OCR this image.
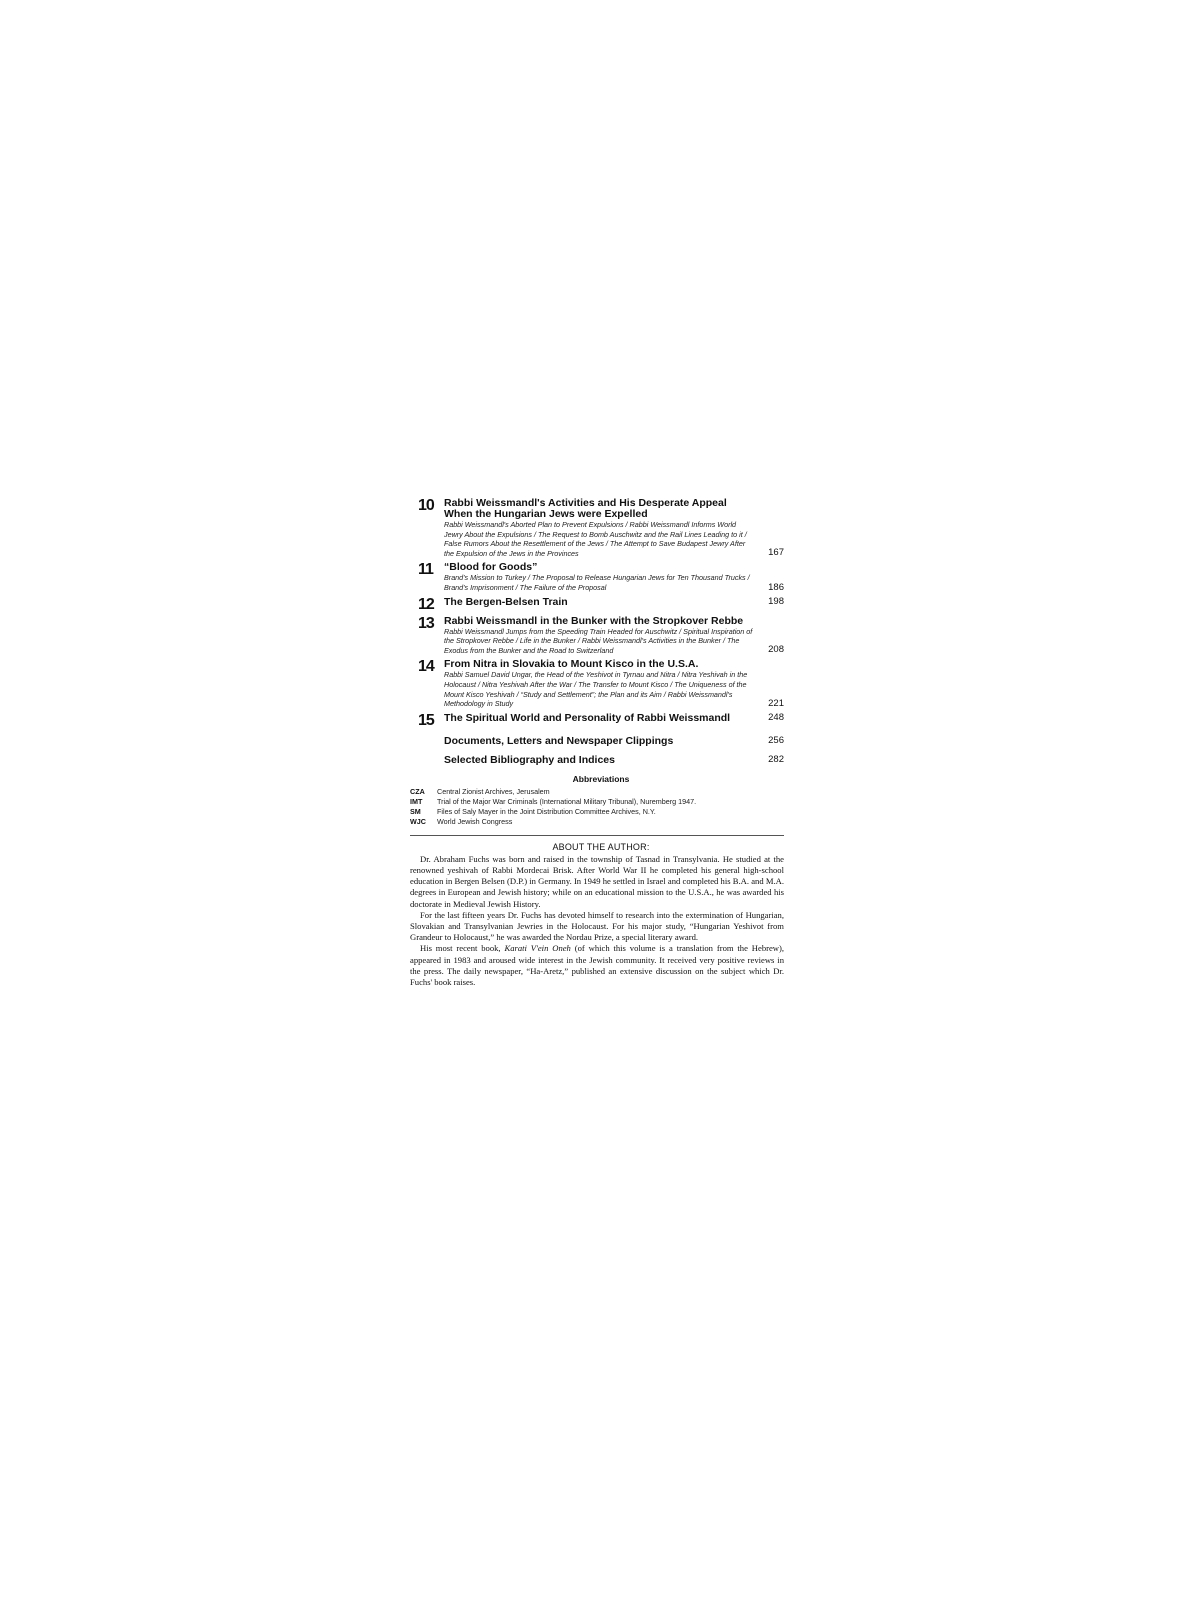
10 Rabbi Weissmandl's Activities and His Desperate Appeal When the Hungarian Jews were Expelled
Rabbi Weissmandl's Aborted Plan to Prevent Expulsions / Rabbi Weissmandl Informs World Jewry About the Expulsions / The Request to Bomb Auschwitz and the Rail Lines Leading to it / False Rumors About the Resettlement of the Jews / The Attempt to Save Budapest Jewry After the Expulsion of the Jews in the Provinces	167
11	“Blood for Goods”
Brand's Mission to Turkey / The Proposal to Release Hungarian Jews for Ten Thousand Trucks / Brand's Imprisonment / The Failure of the Proposal	186
12 The Bergen-Belsen Train	198
13 Rabbi Weissmandl in the Bunker with the Stropkover Rebbe
Rabbi Weissmandl Jumps from the Speeding Train Headed for Auschwitz / Spiritual Inspiration of the Stropkover Rebbe / Life in the Bunker / Rabbi Weissmandl's Activities in the Bunker / The Exodus from the Bunker and the Road to Switzerland	208
14 From Nitra in Slovakia to Mount Kisco in the U.S.A.
Rabbi Samuel David Ungar, the Head of the Yeshivot in Tyrnau and Nitra / Nitra Yeshivah in the Holocaust / Nitra Yeshivah After the War / The Transfer to Mount Kisco / The Uniqueness of the Mount Kisco Yeshivah / “Study and Settlement”; the Plan and its Aim / Rabbi Weissmandl's Methodology in Study	221
15 The Spiritual World and Personality of Rabbi Weissmandl	248
Documents, Letters and Newspaper Clippings	256
Selected Bibliography and Indices	282
Abbreviations
CZA	Central Zionist Archives, Jerusalem
IMT	Trial of the Major War Criminals (International Military Tribunal), Nuremberg 1947.
SM	Files of Saly Mayer in the Joint Distribution Committee Archives, N.Y.
WJC	World Jewish Congress
ABOUT THE AUTHOR:

Dr. Abraham Fuchs was born and raised in the township of Tasnad in Transylvania. He studied at the renowned yeshivah of Rabbi Mordecai Brisk. After World War II he completed his general high-school education in Bergen Belsen (D.P.) in Germany. In 1949 he settled in Israel and completed his B.A. and M.A. degrees in European and Jewish history; while on an educational mission to the U.S.A., he was awarded his doctorate in Medieval Jewish History.

For the last fifteen years Dr. Fuchs has devoted himself to research into the extermination of Hungarian, Slovakian and Transylvanian Jewries in the Holocaust. For his major study, “Hungarian Yeshivot from Grandeur to Holocaust,” he was awarded the Nordau Prize, a special literary award.

His most recent book, Karati V'ein Oneh (of which this volume is a translation from the Hebrew), appeared in 1983 and aroused wide interest in the Jewish community. It received very positive reviews in the press. The daily newspaper, “Ha-Aretz,” published an extensive discussion on the subject which Dr. Fuchs' book raises.
